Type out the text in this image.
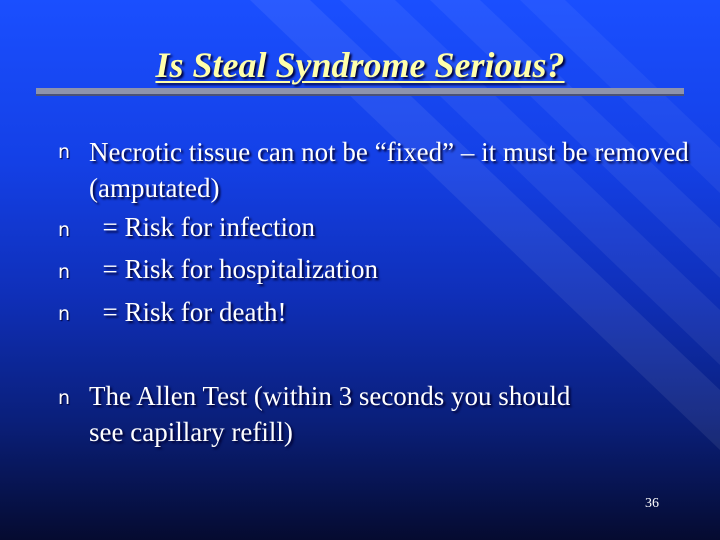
Is Steal Syndrome Serious?
n Necrotic tissue can not be “fixed” – it must be removed (amputated)
n = Risk for infection
n = Risk for hospitalization
n = Risk for death!
n The Allen Test (within 3 seconds you should see capillary refill)
36
